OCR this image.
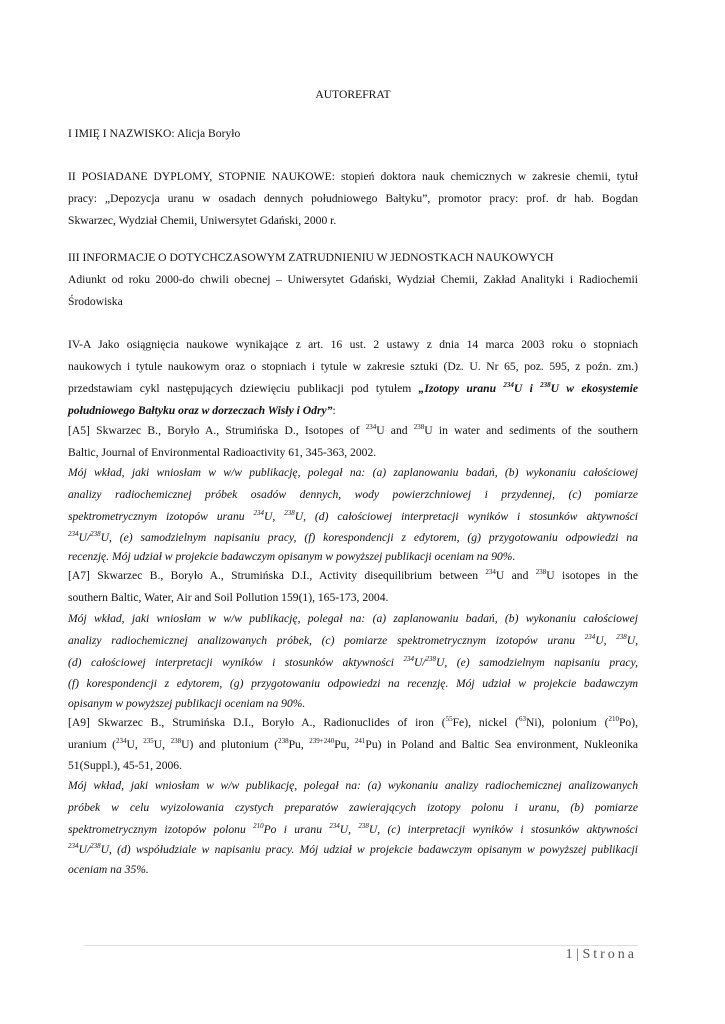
AUTOREFRAT
I IMIĘ I NAZWISKO: Alicja Boryło
II POSIADANE DYPLOMY, STOPNIE NAUKOWE: stopień doktora nauk chemicznych w zakresie chemii, tytuł
pracy: „Depozycja uranu w osadach dennych południowego Bałtyku”, promotor pracy: prof. dr hab. Bogdan
Skwarzec, Wydział Chemii, Uniwersytet Gdański, 2000 r.
III INFORMACJE O DOTYCHCZASOWYM ZATRUDNIENIU W JEDNOSTKACH NAUKOWYCH
Adiunkt od roku 2000-do chwili obecnej – Uniwersytet Gdański, Wydział Chemii, Zakład Analityki i Radiochemii
Środowiska
IV-A Jako osiągnięcia naukowe wynikające z art. 16 ust. 2 ustawy z dnia 14 marca 2003 roku o stopniach
naukowych i tytule naukowym oraz o stopniach i tytule w zakresie sztuki (Dz. U. Nr 65, poz. 595, z poźn. zm.)
przedstawiam cykl następujących dziewięciu publikacji pod tytułem „Izotopy uranu $^{234}$U i $^{238}$U w ekosystemie
południowego Bałtyku oraz w dorzeczach Wisły i Odry”:
[A5] Skwarzec B., Boryło A., Strumińska D., Isotopes of $^{234}$U and $^{238}$U in water and sediments of the southern
Baltic, Journal of Environmental Radioactivity 61, 345-363, 2002.
Mój wkład, jaki wniosłam w w/w publikację, polegał na: (a) zaplanowaniu badań, (b) wykonaniu całościowej
analizy radiochemicznej próbek osadów dennych, wody powierzchniowej i przydennej, (c) pomiarze
spektrometrycznym izotopów uranu $^{234}$U, $^{238}$U, (d) całościowej interpretacji wyników i stosunków aktywności
$^{234}$U/$^{238}$U, (e) samodzielnym napisaniu pracy, (f) korespondencji z edytorem, (g) przygotowaniu odpowiedzi na
recenzję. Mój udział w projekcie badawczym opisanym w powyższej publikacji oceniam na 90%.
[A7] Skwarzec B., Boryło A., Strumińska D.I., Activity disequilibrium between $^{234}$U and $^{238}$U isotopes in the
southern Baltic, Water, Air and Soil Pollution 159(1), 165-173, 2004.
Mój wkład, jaki wniosłam w w/w publikację, polegał na: (a) zaplanowaniu badań, (b) wykonaniu całościowej
analizy radiochemicznej analizowanych próbek, (c) pomiarze spektrometrycznym izotopów uranu $^{234}$U, $^{238}$U,
(d) całościowej interpretacji wyników i stosunków aktywności $^{234}$U/$^{238}$U, (e) samodzielnym napisaniu pracy,
(f) korespondencji z edytorem, (g) przygotowaniu odpowiedzi na recenzję. Mój udział w projekcie badawczym
opisanym w powyższej publikacji oceniam na 90%.
[A9] Skwarzec B., Strumińska D.I., Boryło A., Radionuclides of iron ($^{55}$Fe), nickel ($^{63}$Ni), polonium ($^{210}$Po),
uranium ($^{234}$U, $^{235}$U, $^{238}$U) and plutonium ($^{238}$Pu, $^{239+240}$Pu, $^{241}$Pu) in Poland and Baltic Sea environment, Nukleonika
51(Suppl.), 45-51, 2006.
Mój wkład, jaki wniosłam w w/w publikację, polegał na: (a) wykonaniu analizy radiochemicznej analizowanych
próbek w celu wyizolowania czystych preparatów zawierających izotopy polonu i uranu, (b) pomiarze
spektrometrycznym izotopów polonu $^{210}$Po i uranu $^{234}$U, $^{238}$U, (c) interpretacji wyników i stosunków aktywności
$^{234}$U/$^{238}$U, (d) współudziale w napisaniu pracy. Mój udział w projekcie badawczym opisanym w powyższej publikacji
oceniam na 35%.
1 | Strona
